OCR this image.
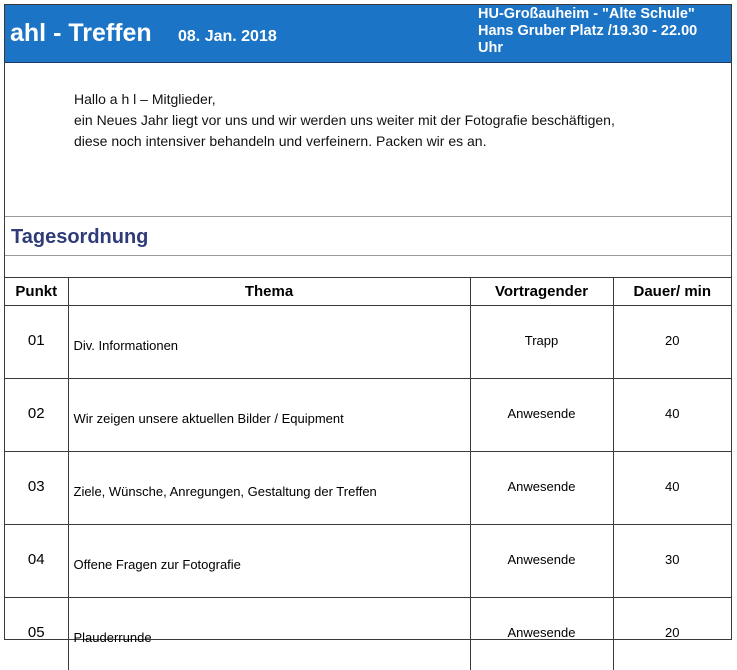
ahl - Treffen 08. Jan. 2018
HU-Großauheim - "Alte Schule"
Hans Gruber Platz /19.30 - 22.00
Uhr
Hallo a h l – Mitglieder,
ein Neues Jahr liegt vor uns und wir werden uns weiter mit der Fotografie beschäftigen,
diese noch intensiver behandeln und verfeinern. Packen wir es an.
Tagesordnung
Punkt	Thema	Vortragender	Dauer/ min
01	Div. Informationen	Trapp	20
02	Wir zeigen unsere aktuellen Bilder / Equipment	Anwesende	40
03	Ziele, Wünsche, Anregungen, Gestaltung der Treffen	Anwesende	40
04	Offene Fragen zur Fotografie	Anwesende	30
05	Plauderrunde	Anwesende	20
